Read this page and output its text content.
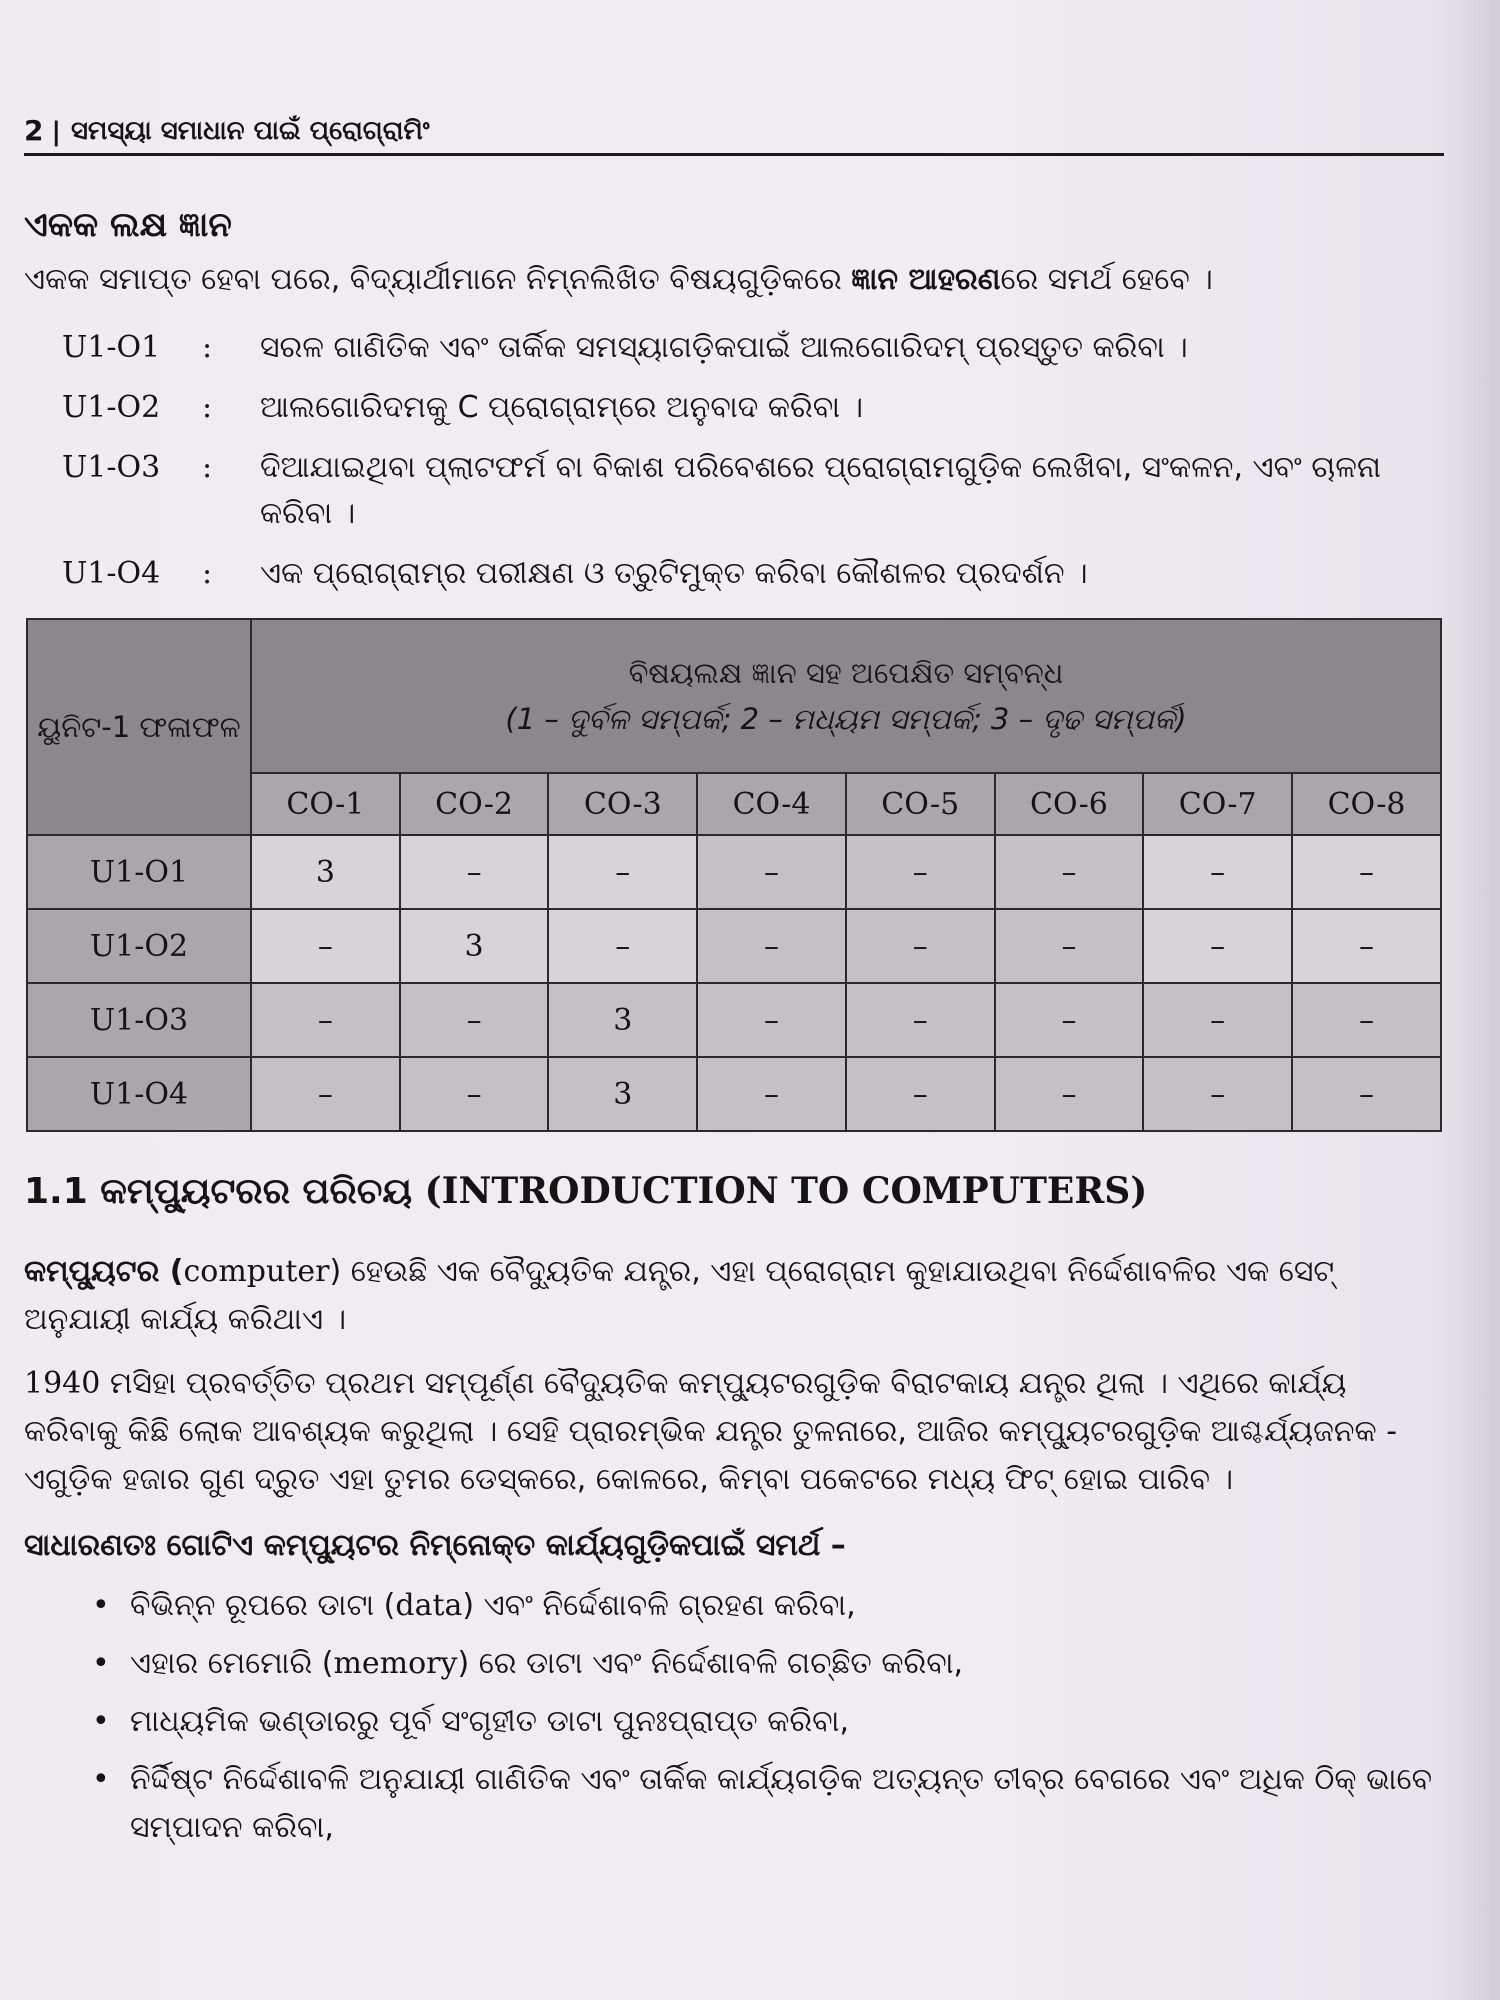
2 | ସମସ୍ୟା ସମାଧାନ ପାଇଁ ପ୍ରୋଗ୍ରାମିଂ
ଏକକ ଲକ୍ଷ ଜ୍ଞାନ
ଏକକ ସମାପ୍ତ ହେବା ପରେ, ବିଦ୍ୟାର୍ଥୀମାନେ ନିମ୍ନଲିଖିତ ବିଷୟଗୁଡ଼ିକରେ ଜ୍ଞାନ ଆହରଣରେ ସମର୍ଥ ହେବେ ।
U1-O1	:	ସରଳ ଗାଣିତିକ ଏବଂ ତାର୍କିକ ସମସ୍ୟାଗଡ଼ିକପାଇଁ ଆଲଗୋରିଦମ୍ ପ୍ରସ୍ତୁତ କରିବା ।
U1-O2	:	ଆଲଗୋରିଦମକୁ C ପ୍ରୋଗ୍ରାମ୍‌ରେ ଅନୁବାଦ କରିବା ।
U1-O3	:	ଦିଆଯାଇଥିବା ପ୍ଲାଟଫର୍ମ ବା ବିକାଶ ପରିବେଶରେ ପ୍ରୋଗ୍ରାମଗୁଡ଼ିକ ଲେଖିବା, ସଂକଳନ, ଏବଂ ଚାଳନା କରିବା ।
U1-O4	:	ଏକ ପ୍ରୋଗ୍ରାମ୍‌ର ପରୀକ୍ଷଣ ଓ ତ୍ରୁଟିମୁକ୍ତ କରିବା କୌଶଳର ପ୍ରଦର୍ଶନ ।
ୟୁନିଟ-1 ଫଳାଫଳ	ବିଷୟଲକ୍ଷ ଜ୍ଞାନ ସହ ଅପେକ୍ଷିତ ସମ୍ବନ୍ଧ
(1 – ଦୁର୍ବଳ ସମ୍ପର୍କ; 2 – ମଧ୍ୟମ ସମ୍ପର୍କ; 3 – ଦୃଢ ସମ୍ପର୍କ)							

	CO-1	CO-2	CO-3	CO-4	CO-5	CO-6	CO-7	CO-8
U1-O1	3	–	–	–	–	–	–	–
U1-O2	–	3	–	–	–	–	–	–
U1-O3	–	–	3	–	–	–	–	–
U1-O4	–	–	3	–	–	–	–	–
1.1 କମ୍ପ୍ୟୁଟରର ପରିଚୟ (INTRODUCTION TO COMPUTERS)
କମ୍ପ୍ୟୁଟର (computer) ହେଉଛି ଏକ ବୈଦ୍ୟୁତିକ ଯନ୍ତ୍ର, ଏହା ପ୍ରୋଗ୍ରାମ କୁହାଯାଉଥିବା ନିର୍ଦ୍ଦେଶାବଳିର ଏକ ସେଟ୍ ଅନୁଯାୟୀ କାର୍ଯ୍ୟ କରିଥାଏ ।
1940 ମସିହା ପ୍ରବର୍ତ୍ତିତ ପ୍ରଥମ ସମ୍ପୂର୍ଣ୍ଣ ବୈଦ୍ୟୁତିକ କମ୍ପ୍ୟୁଟରଗୁଡ଼ିକ ବିରାଟକାୟ ଯନ୍ତ୍ର ଥିଲା । ଏଥିରେ କାର୍ଯ୍ୟ କରିବାକୁ କିଛି ଲୋକ ଆବଶ୍ୟକ କରୁଥିଲା । ସେହି ପ୍ରାରମ୍ଭିକ ଯନ୍ତ୍ର ତୁଳନାରେ, ଆଜିର କମ୍ପ୍ୟୁଟରଗୁଡ଼ିକ ଆଶ୍ଚର୍ଯ୍ୟଜନକ - ଏଗୁଡ଼ିକ ହଜାର ଗୁଣ ଦ୍ରୁତ ଏହା ତୁମର ଡେସ୍କରେ, କୋଳରେ, କିମ୍ବା ପକେଟରେ ମଧ୍ୟ ଫିଟ୍ ହୋଇ ପାରିବ ।
ସାଧାରଣତଃ ଗୋଟିଏ କମ୍ପ୍ୟୁଟର ନିମ୍ନୋକ୍ତ କାର୍ଯ୍ୟଗୁଡ଼ିକପାଇଁ ସମର୍ଥ –
• ବିଭିନ୍ନ ରୂପରେ ଡାଟା (data) ଏବଂ ନିର୍ଦ୍ଦେଶାବଳି ଗ୍ରହଣ କରିବା,
• ଏହାର ମେମୋରି (memory) ରେ ଡାଟା ଏବଂ ନିର୍ଦ୍ଦେଶାବଳି ଗଚ୍ଛିତ କରିବା,
• ମାଧ୍ୟମିକ ଭଣ୍ଡାରରୁ ପୂର୍ବ ସଂଗୃହୀତ ଡାଟା ପୁନଃପ୍ରାପ୍ତ କରିବା,
• ନିର୍ଦ୍ଦିଷ୍ଟ ନିର୍ଦ୍ଦେଶାବଳି ଅନୁଯାୟୀ ଗାଣିତିକ ଏବଂ ତାର୍କିକ କାର୍ଯ୍ୟଗଡ଼ିକ ଅତ୍ୟନ୍ତ ତୀବ୍ର ବେଗରେ ଏବଂ ଅଧିକ ଠିକ୍ ଭାବେ ସମ୍ପାଦନ କରିବା,
